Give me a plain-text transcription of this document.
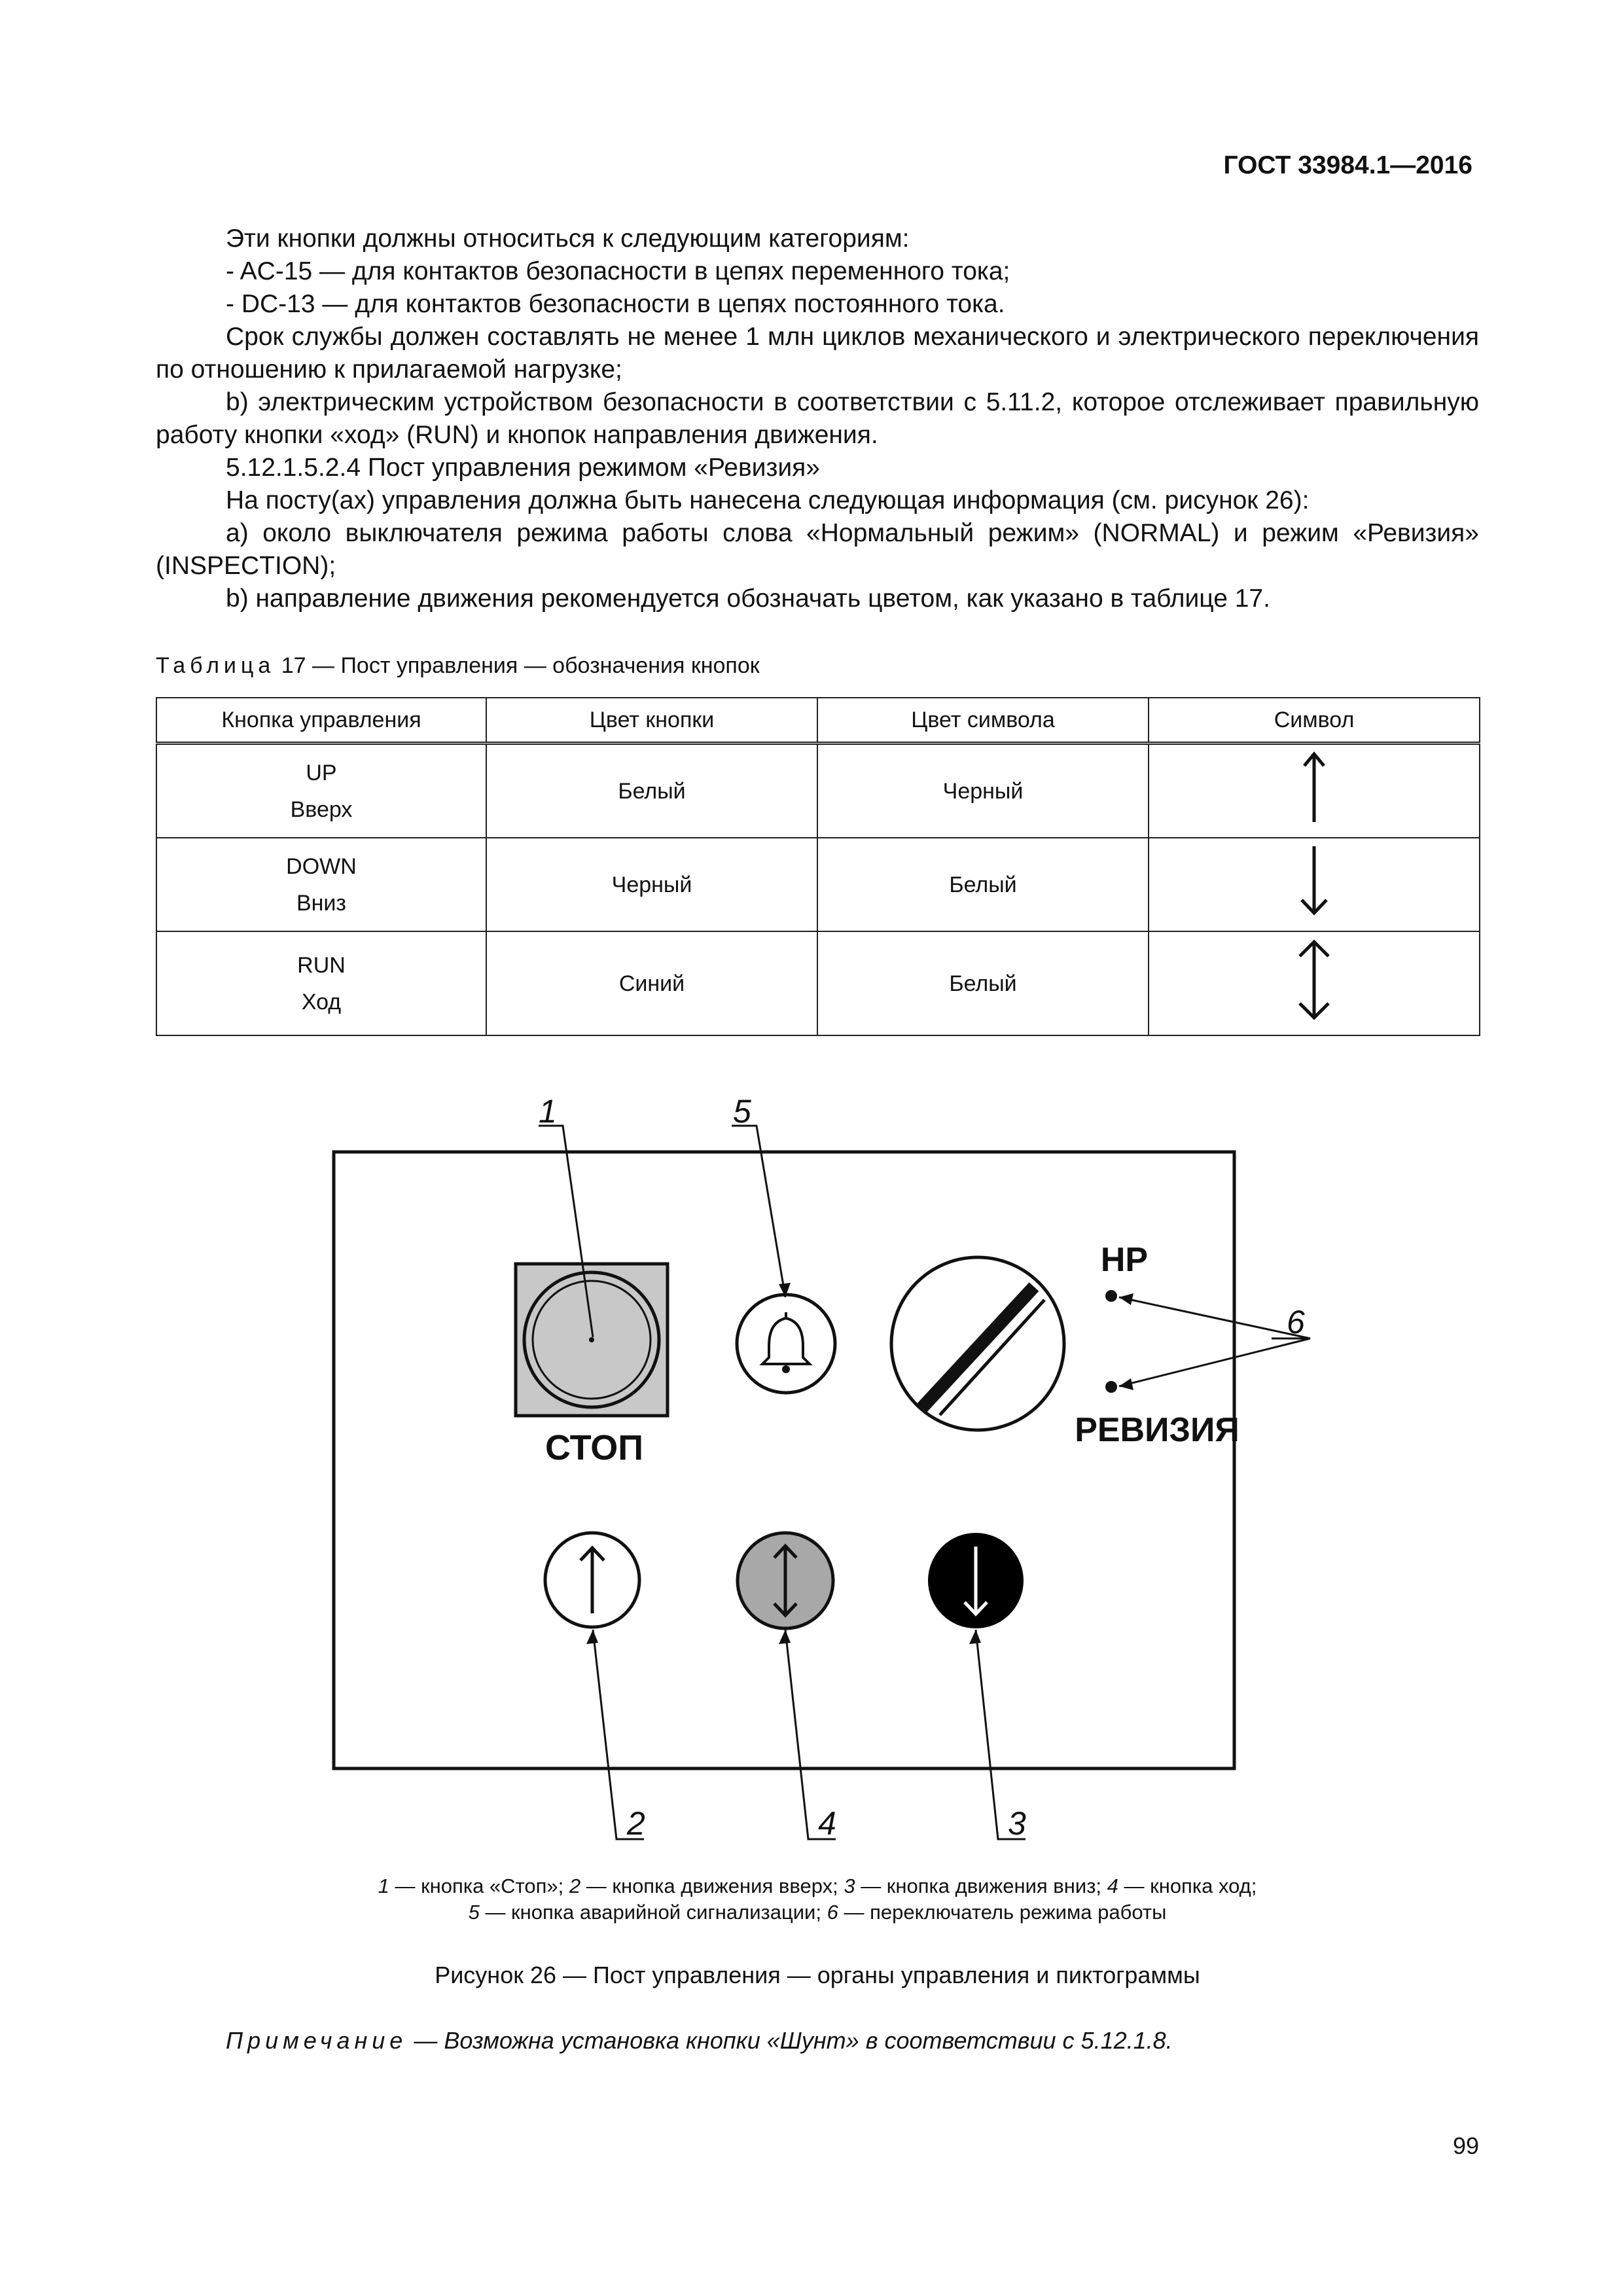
ГОСТ 33984.1—2016

Эти кнопки должны относиться к следующим категориям:

- AC-15 — для контактов безопасности в цепях переменного тока;

- DC-13 — для контактов безопасности в цепях постоянного тока.

Срок службы должен составлять не менее 1 млн циклов механического и электрического переключения по отношению к прилагаемой нагрузке;

b) электрическим устройством безопасности в соответствии с 5.11.2, которое отслеживает правильную работу кнопки «ход» (RUN) и кнопок направления движения.

5.12.1.5.2.4 Пост управления режимом «Ревизия»

На посту(ах) управления должна быть нанесена следующая информация (см. рисунок 26):

а) около выключателя режима работы слова «Нормальный режим» (NORMAL) и режим «Ревизия» (INSPECTION);

b) направление движения рекомендуется обозначать цветом, как указано в таблице 17.

Таблица 17 — Пост управления — обозначения кнопок
Кнопка управления	Цвет кнопки	Цвет символа	Символ

UP
Вверх	Белый	Черный	

DOWN
Вниз	Черный	Белый	

RUN
Ход	Синий	Белый	
СТОП
НР
РЕВИЗИЯ
1	5
6
2	4	3
1 — кнопка «Стоп»; 2 — кнопка движения вверх; 3 — кнопка движения вниз; 4 — кнопка ход;
5 — кнопка аварийной сигнализации; 6 — переключатель режима работы
Рисунок 26 — Пост управления — органы управления и пиктограммы
Примечание — Возможна установка кнопки «Шунт» в соответствии с 5.12.1.8.
99
